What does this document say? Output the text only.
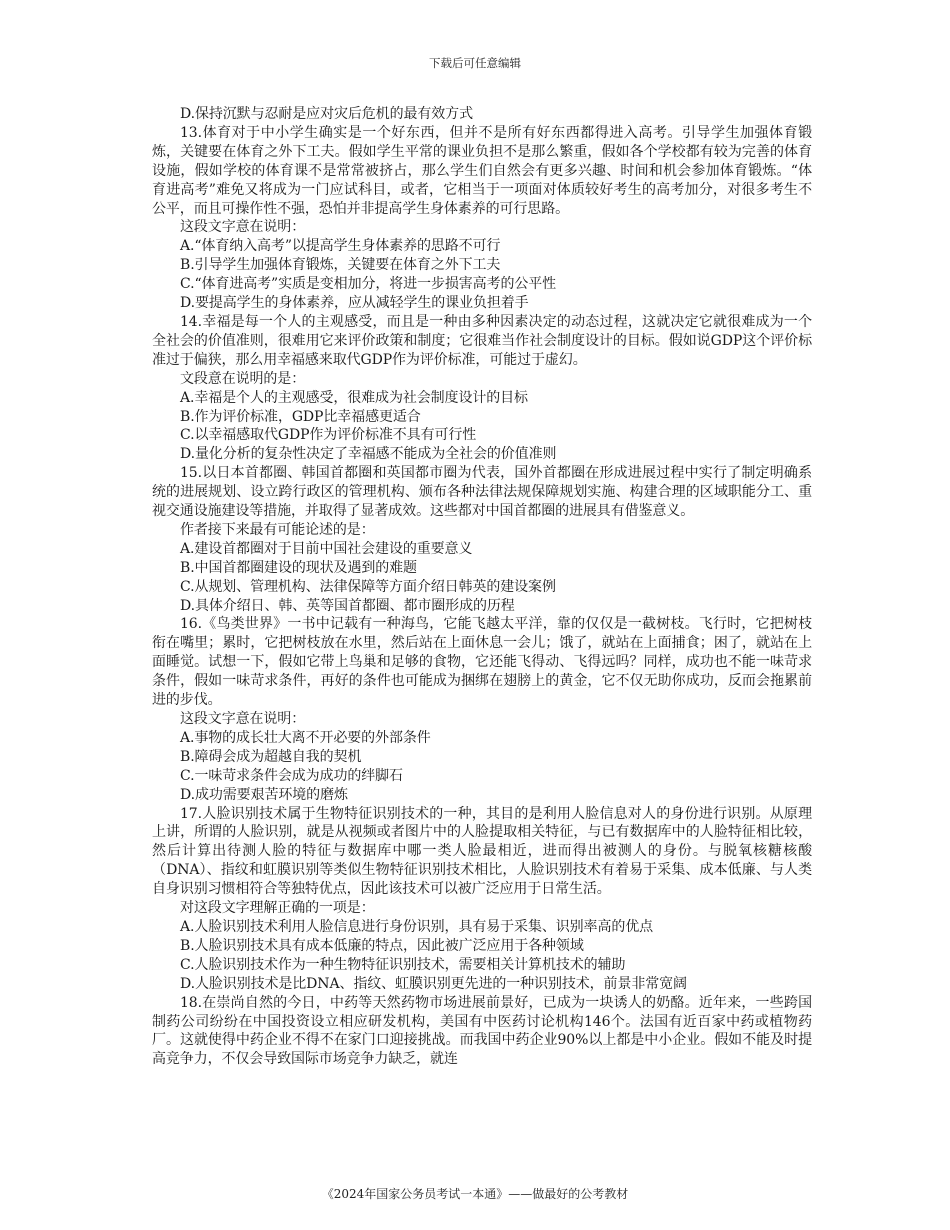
下载后可任意编辑

D.保持沉默与忍耐是应对灾后危机的最有效方式

13.体育对于中小学生确实是一个好东西，但并不是所有好东西都得进入高考。引导学生加强体育锻炼，关键要在体育之外下工夫。假如学生平常的课业负担不是那么繁重，假如各个学校都有较为完善的体育设施，假如学校的体育课不是常常被挤占，那么学生们自然会有更多兴趣、时间和机会参加体育锻炼。“体育进高考”难免又将成为一门应试科目，或者，它相当于一项面对体质较好考生的高考加分，对很多考生不公平，而且可操作性不强，恐怕并非提高学生身体素养的可行思路。

这段文字意在说明：

A.“体育纳入高考”以提高学生身体素养的思路不可行

B.引导学生加强体育锻炼，关键要在体育之外下工夫

C.“体育进高考”实质是变相加分，将进一步损害高考的公平性

D.要提高学生的身体素养，应从减轻学生的课业负担着手

14.幸福是每一个人的主观感受，而且是一种由多种因素决定的动态过程，这就决定它就很难成为一个全社会的价值准则，很难用它来评价政策和制度；它很难当作社会制度设计的目标。假如说GDP这个评价标准过于偏狭，那么用幸福感来取代GDP作为评价标准，可能过于虚幻。

文段意在说明的是：

A.幸福是个人的主观感受，很难成为社会制度设计的目标

B.作为评价标准，GDP比幸福感更适合

C.以幸福感取代GDP作为评价标准不具有可行性

D.量化分析的复杂性决定了幸福感不能成为全社会的价值准则

15.以日本首都圈、韩国首都圈和英国都市圈为代表，国外首都圈在形成进展过程中实行了制定明确系统的进展规划、设立跨行政区的管理机构、颁布各种法律法规保障规划实施、构建合理的区域职能分工、重视交通设施建设等措施，并取得了显著成效。这些都对中国首都圈的进展具有借鉴意义。

作者接下来最有可能论述的是：

A.建设首都圈对于目前中国社会建设的重要意义

B.中国首都圈建设的现状及遇到的难题

C.从规划、管理机构、法律保障等方面介绍日韩英的建设案例

D.具体介绍日、韩、英等国首都圈、都市圈形成的历程

16.《鸟类世界》一书中记载有一种海鸟，它能飞越太平洋，靠的仅仅是一截树枝。飞行时，它把树枝衔在嘴里；累时，它把树枝放在水里，然后站在上面休息一会儿；饿了，就站在上面捕食；困了，就站在上面睡觉。试想一下，假如它带上鸟巢和足够的食物，它还能飞得动、飞得远吗？同样，成功也不能一味苛求条件，假如一味苛求条件，再好的条件也可能成为捆绑在翅膀上的黄金，它不仅无助你成功，反而会拖累前进的步伐。

这段文字意在说明：

A.事物的成长壮大离不开必要的外部条件

B.障碍会成为超越自我的契机

C.一味苛求条件会成为成功的绊脚石

D.成功需要艰苦环境的磨炼

17.人脸识别技术属于生物特征识别技术的一种，其目的是利用人脸信息对人的身份进行识别。从原理上讲，所谓的人脸识别，就是从视频或者图片中的人脸提取相关特征，与已有数据库中的人脸特征相比较，然后计算出待测人脸的特征与数据库中哪一类人脸最相近，进而得出被测人的身份。与脱氧核糖核酸（DNA）、指纹和虹膜识别等类似生物特征识别技术相比，人脸识别技术有着易于采集、成本低廉、与人类自身识别习惯相符合等独特优点，因此该技术可以被广泛应用于日常生活。

对这段文字理解正确的一项是：

A.人脸识别技术利用人脸信息进行身份识别，具有易于采集、识别率高的优点

B.人脸识别技术具有成本低廉的特点，因此被广泛应用于各种领域

C.人脸识别技术作为一种生物特征识别技术，需要相关计算机技术的辅助

D.人脸识别技术是比DNA、指纹、虹膜识别更先进的一种识别技术，前景非常宽阔

18.在崇尚自然的今日，中药等天然药物市场进展前景好，已成为一块诱人的奶酪。近年来，一些跨国制药公司纷纷在中国投资设立相应研发机构，美国有中医药讨论机构146个。法国有近百家中药或植物药厂。这就使得中药企业不得不在家门口迎接挑战。而我国中药企业90%以上都是中小企业。假如不能及时提高竞争力，不仅会导致国际市场竞争力缺乏，就连

《2024年国家公务员考试一本通》——做最好的公考教材
